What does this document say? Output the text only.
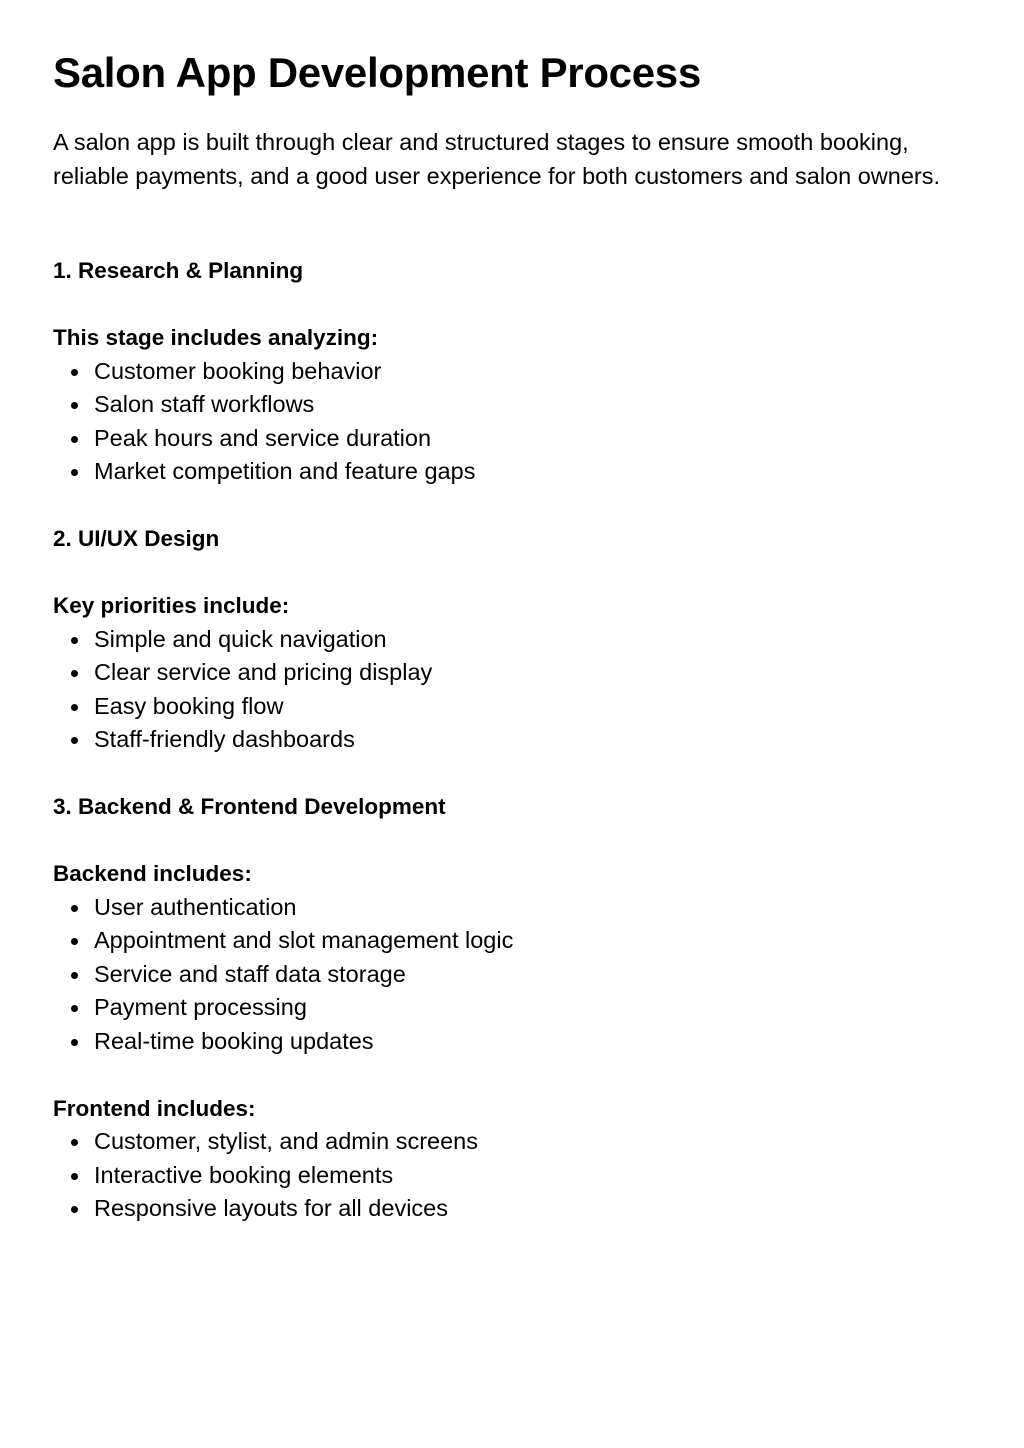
Salon App Development Process

A salon app is built through clear and structured stages to ensure smooth booking, reliable payments, and a good user experience for both customers and salon owners.

1. Research & Planning
This stage includes analyzing:
Customer booking behavior
Salon staff workflows
Peak hours and service duration
Market competition and feature gaps
2. UI/UX Design
Key priorities include:
Simple and quick navigation
Clear service and pricing display
Easy booking flow
Staff-friendly dashboards
3. Backend & Frontend Development
Backend includes:
User authentication
Appointment and slot management logic
Service and staff data storage
Payment processing
Real-time booking updates
Frontend includes:
Customer, stylist, and admin screens
Interactive booking elements
Responsive layouts for all devices
